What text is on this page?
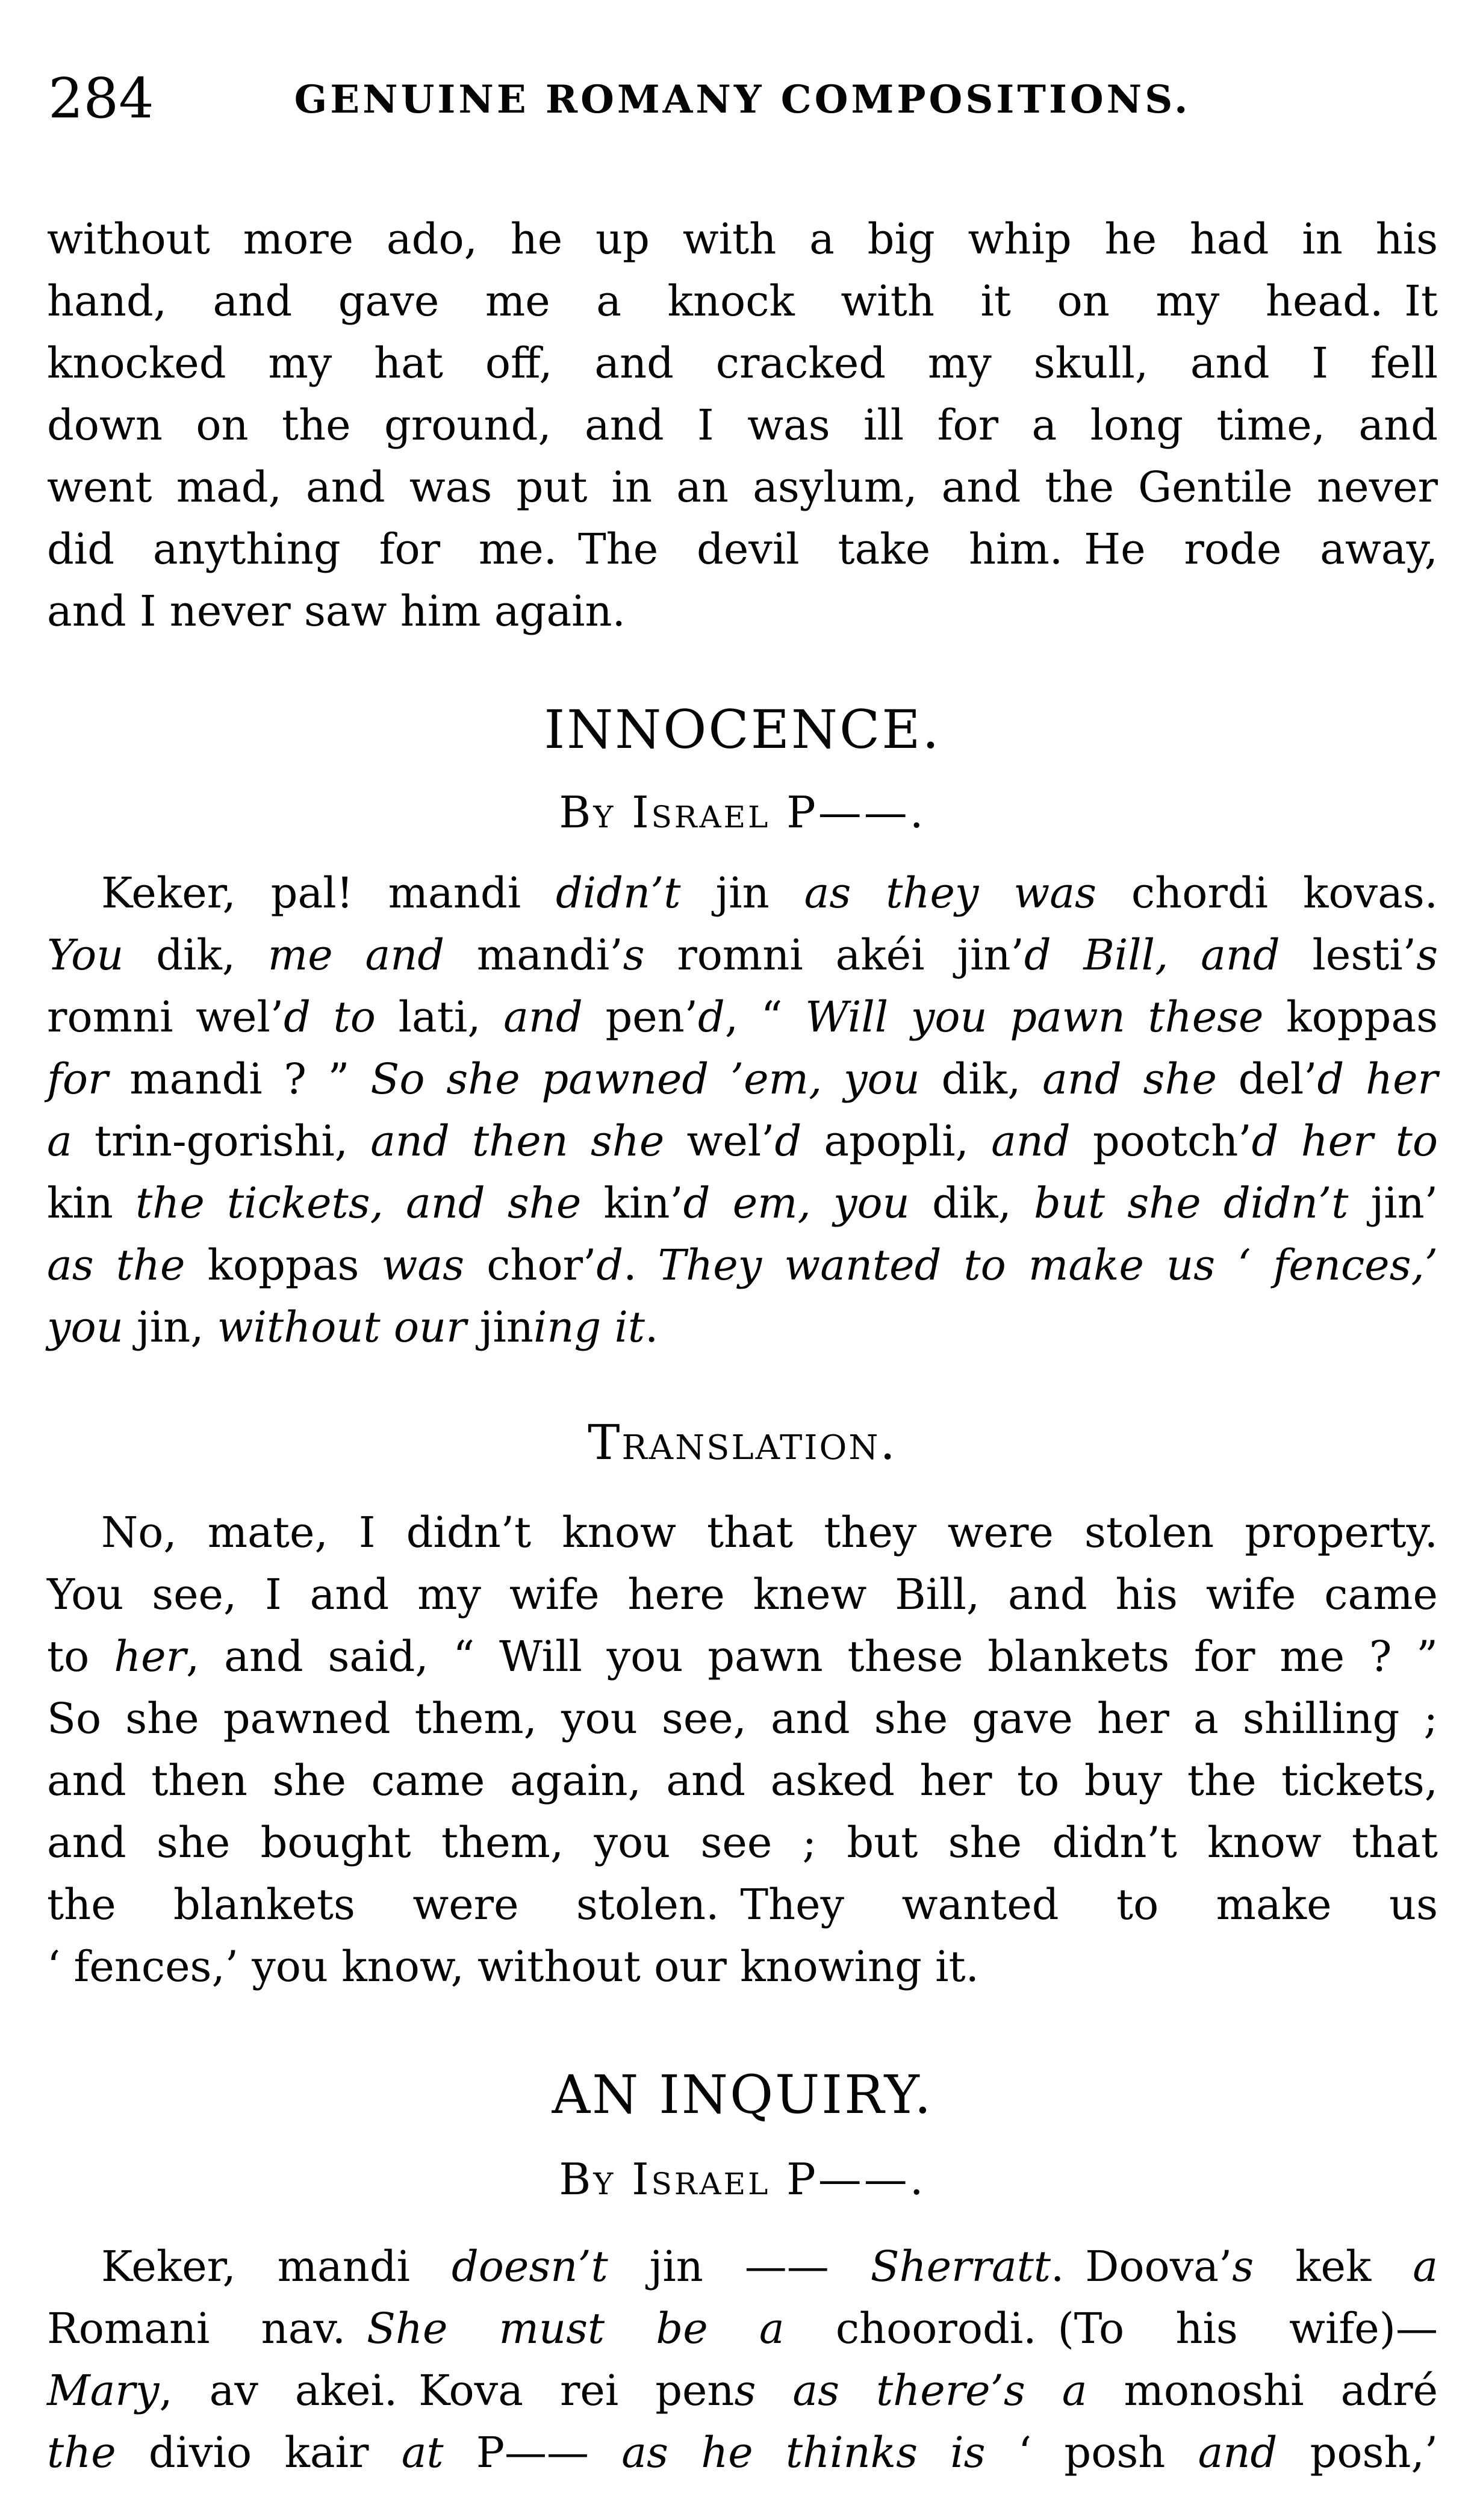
284	GENUINE ROMANY COMPOSITIONS.
without more ado, he up with a big whip he had in his
hand, and gave me a knock with it on my head. It
knocked my hat off, and cracked my skull, and I fell
down on the ground, and I was ill for a long time, and
went mad, and was put in an asylum, and the Gentile never
did anything for me. The devil take him. He rode away,
and I never saw him again.
INNOCENCE.
By Israel P——.
Keker, pal! mandi didn’t jin as they was chordi kovas.
You dik, me and mandi’s romni akéi jin’d Bill, and lesti’s
romni wel’d to lati, and pen’d, “ Will you pawn these koppas
for mandi ? ” So she pawned ’em, you dik, and she del’d her
a trin-gorishi, and then she wel’d apopli, and pootch’d her to
kin the tickets, and she kin’d em, you dik, but she didn’t jin’
as the koppas was chor’d. They wanted to make us ‘ fences,’
you jin, without our jining it.
Translation.
No, mate, I didn’t know that they were stolen property.
You see, I and my wife here knew Bill, and his wife came
to her, and said, “ Will you pawn these blankets for me ? ”
So she pawned them, you see, and she gave her a shilling ;
and then she came again, and asked her to buy the tickets,
and she bought them, you see ; but she didn’t know that
the blankets were stolen. They wanted to make us
‘ fences,’ you know, without our knowing it.
AN INQUIRY.
By Israel P——.
Keker, mandi doesn’t jin —— Sherratt. Doova’s kek a
Romani nav. She must be a choorodi. (To his wife)—
Mary, av akei. Kova rei pens as there’s a monoshi adré
the divio kair at P—— as he thinks is ‘ posh and posh,’
